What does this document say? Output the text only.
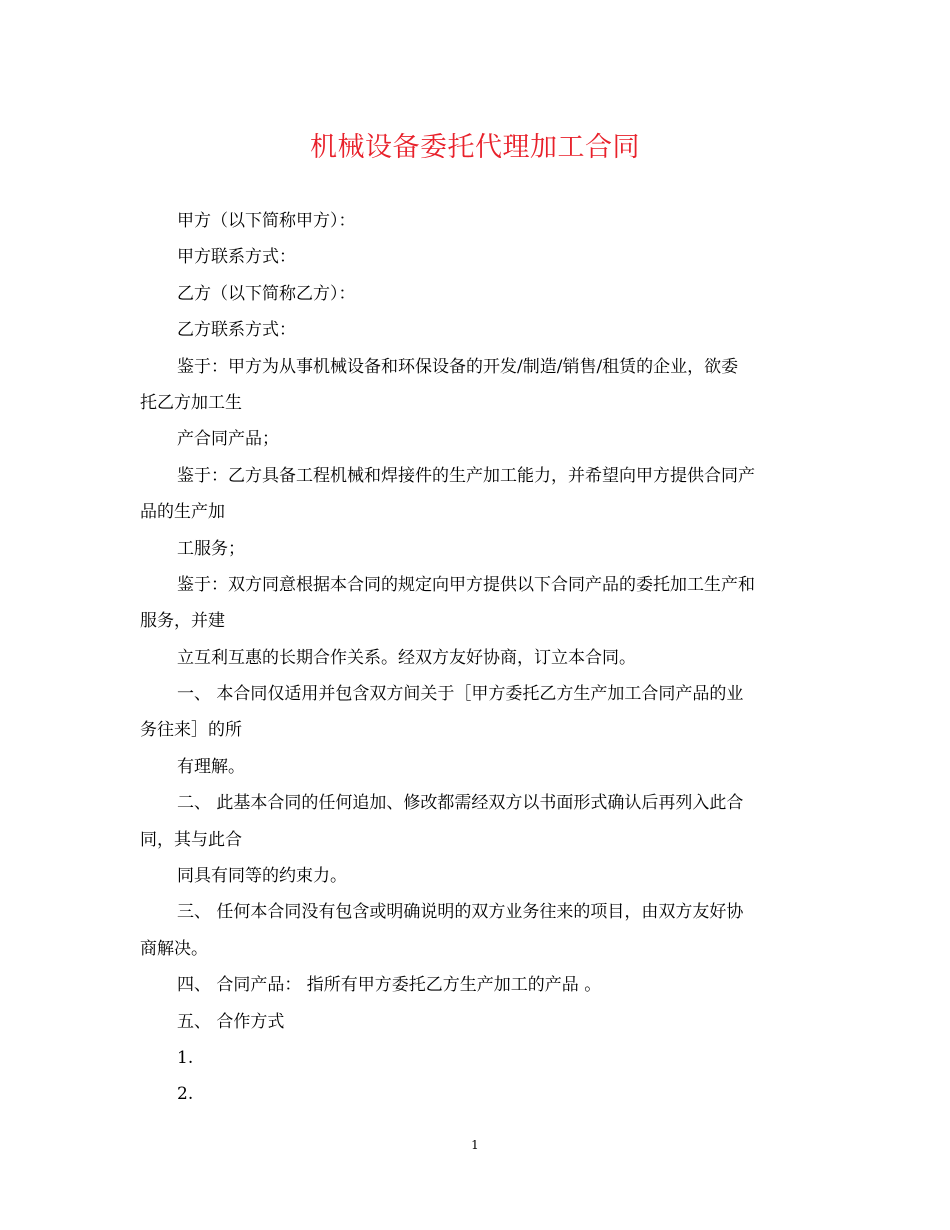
机械设备委托代理加工合同
甲方（以下简称甲方）：
甲方联系方式：
乙方（以下简称乙方）：
乙方联系方式：
鉴于：甲方为从事机械设备和环保设备的开发/制造/销售/租赁的企业，欲委
托乙方加工生
产合同产品；
鉴于：乙方具备工程机械和焊接件的生产加工能力，并希望向甲方提供合同产
品的生产加
工服务；
鉴于：双方同意根据本合同的规定向甲方提供以下合同产品的委托加工生产和
服务，并建
立互利互惠的长期合作关系。经双方友好协商，订立本合同。
一、 本合同仅适用并包含双方间关于［甲方委托乙方生产加工合同产品的业
务往来］的所
有理解。
二、 此基本合同的任何追加、修改都需经双方以书面形式确认后再列入此合
同，其与此合
同具有同等的约束力。
三、 任何本合同没有包含或明确说明的双方业务往来的项目，由双方友好协
商解决。
四、 合同产品： 指所有甲方委托乙方生产加工的产品 。
五、 合作方式
1.
2.
1
